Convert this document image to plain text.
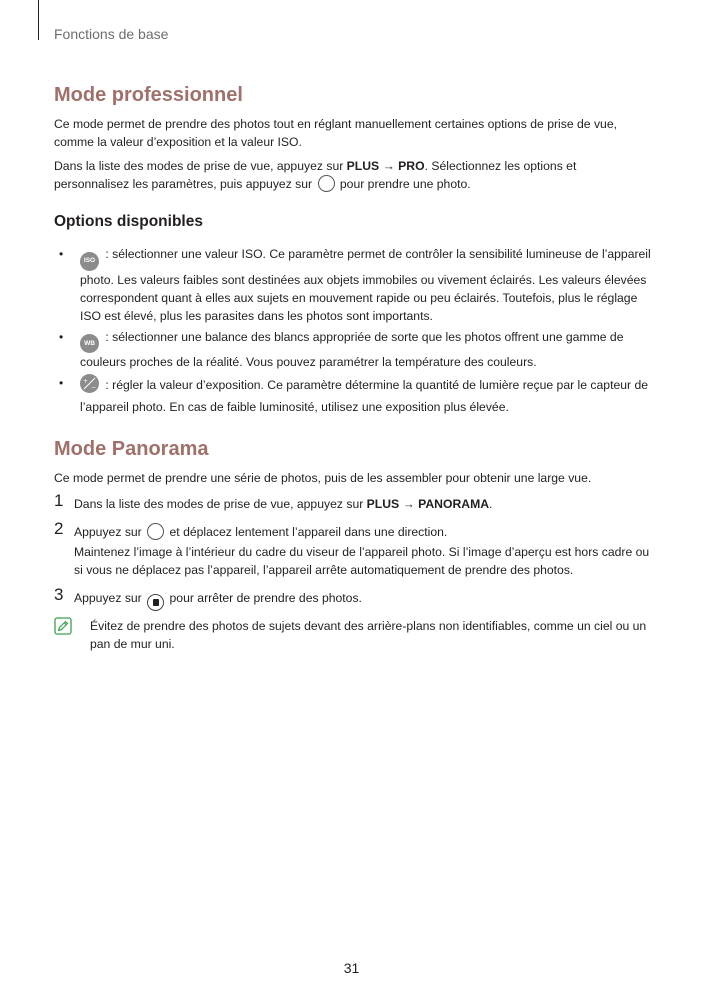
Fonctions de base
Mode professionnel

Ce mode permet de prendre des photos tout en réglant manuellement certaines options de prise de vue, comme la valeur d’exposition et la valeur ISO.

Dans la liste des modes de prise de vue, appuyez sur PLUS → PRO. Sélectionnez les options et personnalisez les paramètres, puis appuyez sur  pour prendre une photo.

Options disponibles
•	ISO : sélectionner une valeur ISO. Ce paramètre permet de contrôler la sensibilité lumineuse de l’appareil photo. Les valeurs faibles sont destinées aux objets immobiles ou vivement éclairés. Les valeurs élevées correspondent quant à elles aux sujets en mouvement rapide ou peu éclairés. Toutefois, plus le réglage ISO est élevé, plus les parasites dans les photos sont importants.
•	WB : sélectionner une balance des blancs appropriée de sorte que les photos offrent une gamme de couleurs proches de la réalité. Vous pouvez paramétrer la température des couleurs.
•	+
− : régler la valeur d’exposition. Ce paramètre détermine la quantité de lumière reçue par le capteur de l’appareil photo. En cas de faible luminosité, utilisez une exposition plus élevée.
Mode Panorama

Ce mode permet de prendre une série de photos, puis de les assembler pour obtenir une large vue.

1 Dans la liste des modes de prise de vue, appuyez sur PLUS → PANORAMA.
2 Appuyez sur  et déplacez lentement l’appareil dans une direction.

Maintenez l’image à l’intérieur du cadre du viseur de l’appareil photo. Si l’image d’aperçu est hors cadre ou si vous ne déplacez pas l’appareil, l’appareil arrête automatiquement de prendre des photos.

3 Appuyez sur
pour arrêter de prendre des photos.

Évitez de prendre des photos de sujets devant des arrière-plans non identifiables, comme un ciel ou un pan de mur uni.

31
